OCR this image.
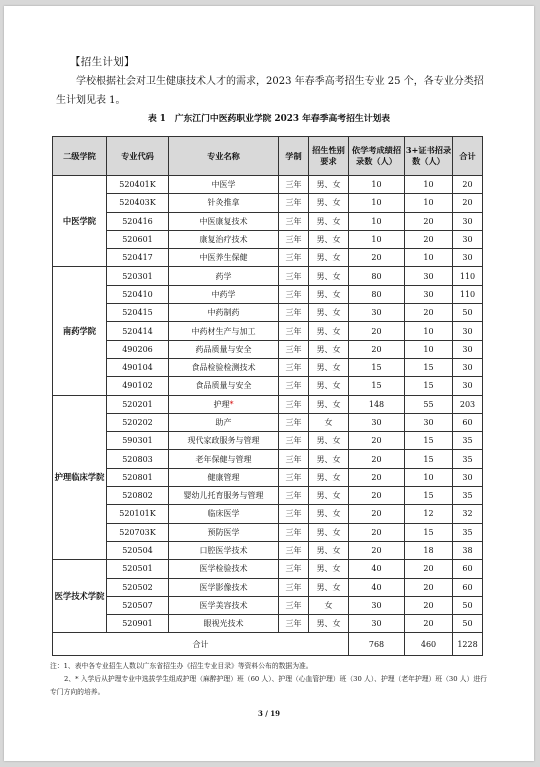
【招生计划】
学校根据社会对卫生健康技术人才的需求，2023 年春季高考招生专业 25 个，各专业分类招生计划见表 1。
表 1　广东江门中医药职业学院 2023 年春季高考招生计划表
二级学院	专业代码	专业名称	学制	招生性别要求	依学考成绩招录数（人）	3+证书招录数（人）	合计
中医学院	520401K	中医学	三年	男、女	10	10	20
	520403K	针灸推拿	三年	男、女	10	10	20
	520416	中医康复技术	三年	男、女	10	20	30
	520601	康复治疗技术	三年	男、女	10	20	30
	520417	中医养生保健	三年	男、女	20	10	30
南药学院	520301	药学	三年	男、女	80	30	110
	520410	中药学	三年	男、女	80	30	110
	520415	中药制药	三年	男、女	30	20	50
	520414	中药材生产与加工	三年	男、女	20	10	30
	490206	药品质量与安全	三年	男、女	20	10	30
	490104	食品检验检测技术	三年	男、女	15	15	30
	490102	食品质量与安全	三年	男、女	15	15	30
护理临床学院	520201	护理*	三年	男、女	148	55	203
	520202	助产	三年	女	30	30	60
	590301	现代家政服务与管理	三年	男、女	20	15	35
	520803	老年保健与管理	三年	男、女	20	15	35
	520801	健康管理	三年	男、女	20	10	30
	520802	婴幼儿托育服务与管理	三年	男、女	20	15	35
	520101K	临床医学	三年	男、女	20	12	32
	520703K	预防医学	三年	男、女	20	15	35
	520504	口腔医学技术	三年	男、女	20	18	38
医学技术学院	520501	医学检验技术	三年	男、女	40	20	60
	520502	医学影像技术	三年	男、女	40	20	60
	520507	医学美容技术	三年	女	30	20	50
	520901	眼视光技术	三年	男、女	30	20	50
合计					768	460	1228
注：1、表中各专业招生人数以广东省招生办《招生专业目录》等资料公布的数据为准。
2、* 入学后从护理专业中选拔学生组成护理（麻醉护理）班（60 人）、护理（心血管护理）班（30 人）、护理（老年护理）班（30 人）进行专门方向的培养。
3 / 19
